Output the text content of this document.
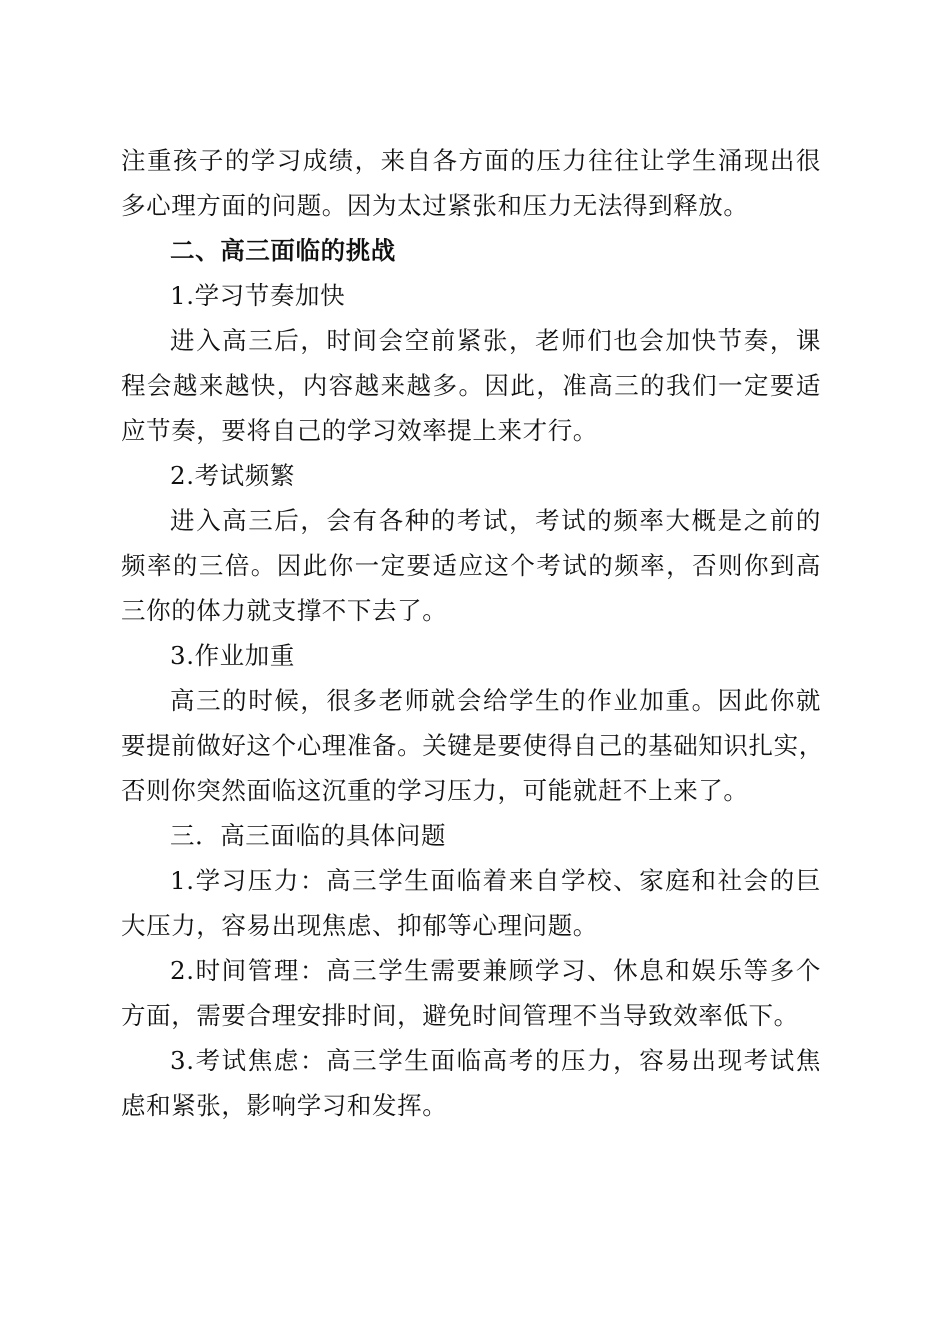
注重孩子的学习成绩，来自各方面的压力往往让学生涌现出很
多心理方面的问题。因为太过紧张和压力无法得到释放。
二、高三面临的挑战
1.学习节奏加快
进入高三后，时间会空前紧张，老师们也会加快节奏，课
程会越来越快，内容越来越多。因此，准高三的我们一定要适
应节奏，要将自己的学习效率提上来才行。
2.考试频繁
进入高三后，会有各种的考试，考试的频率大概是之前的
频率的三倍。因此你一定要适应这个考试的频率，否则你到高
三你的体力就支撑不下去了。
3.作业加重
高三的时候，很多老师就会给学生的作业加重。因此你就
要提前做好这个心理准备。关键是要使得自己的基础知识扎实，
否则你突然面临这沉重的学习压力，可能就赶不上来了。
三．高三面临的具体问题
1.学习压力：高三学生面临着来自学校、家庭和社会的巨
大压力，容易出现焦虑、抑郁等心理问题。
2.时间管理：高三学生需要兼顾学习、休息和娱乐等多个
方面，需要合理安排时间，避免时间管理不当导致效率低下。
3.考试焦虑：高三学生面临高考的压力，容易出现考试焦
虑和紧张，影响学习和发挥。
